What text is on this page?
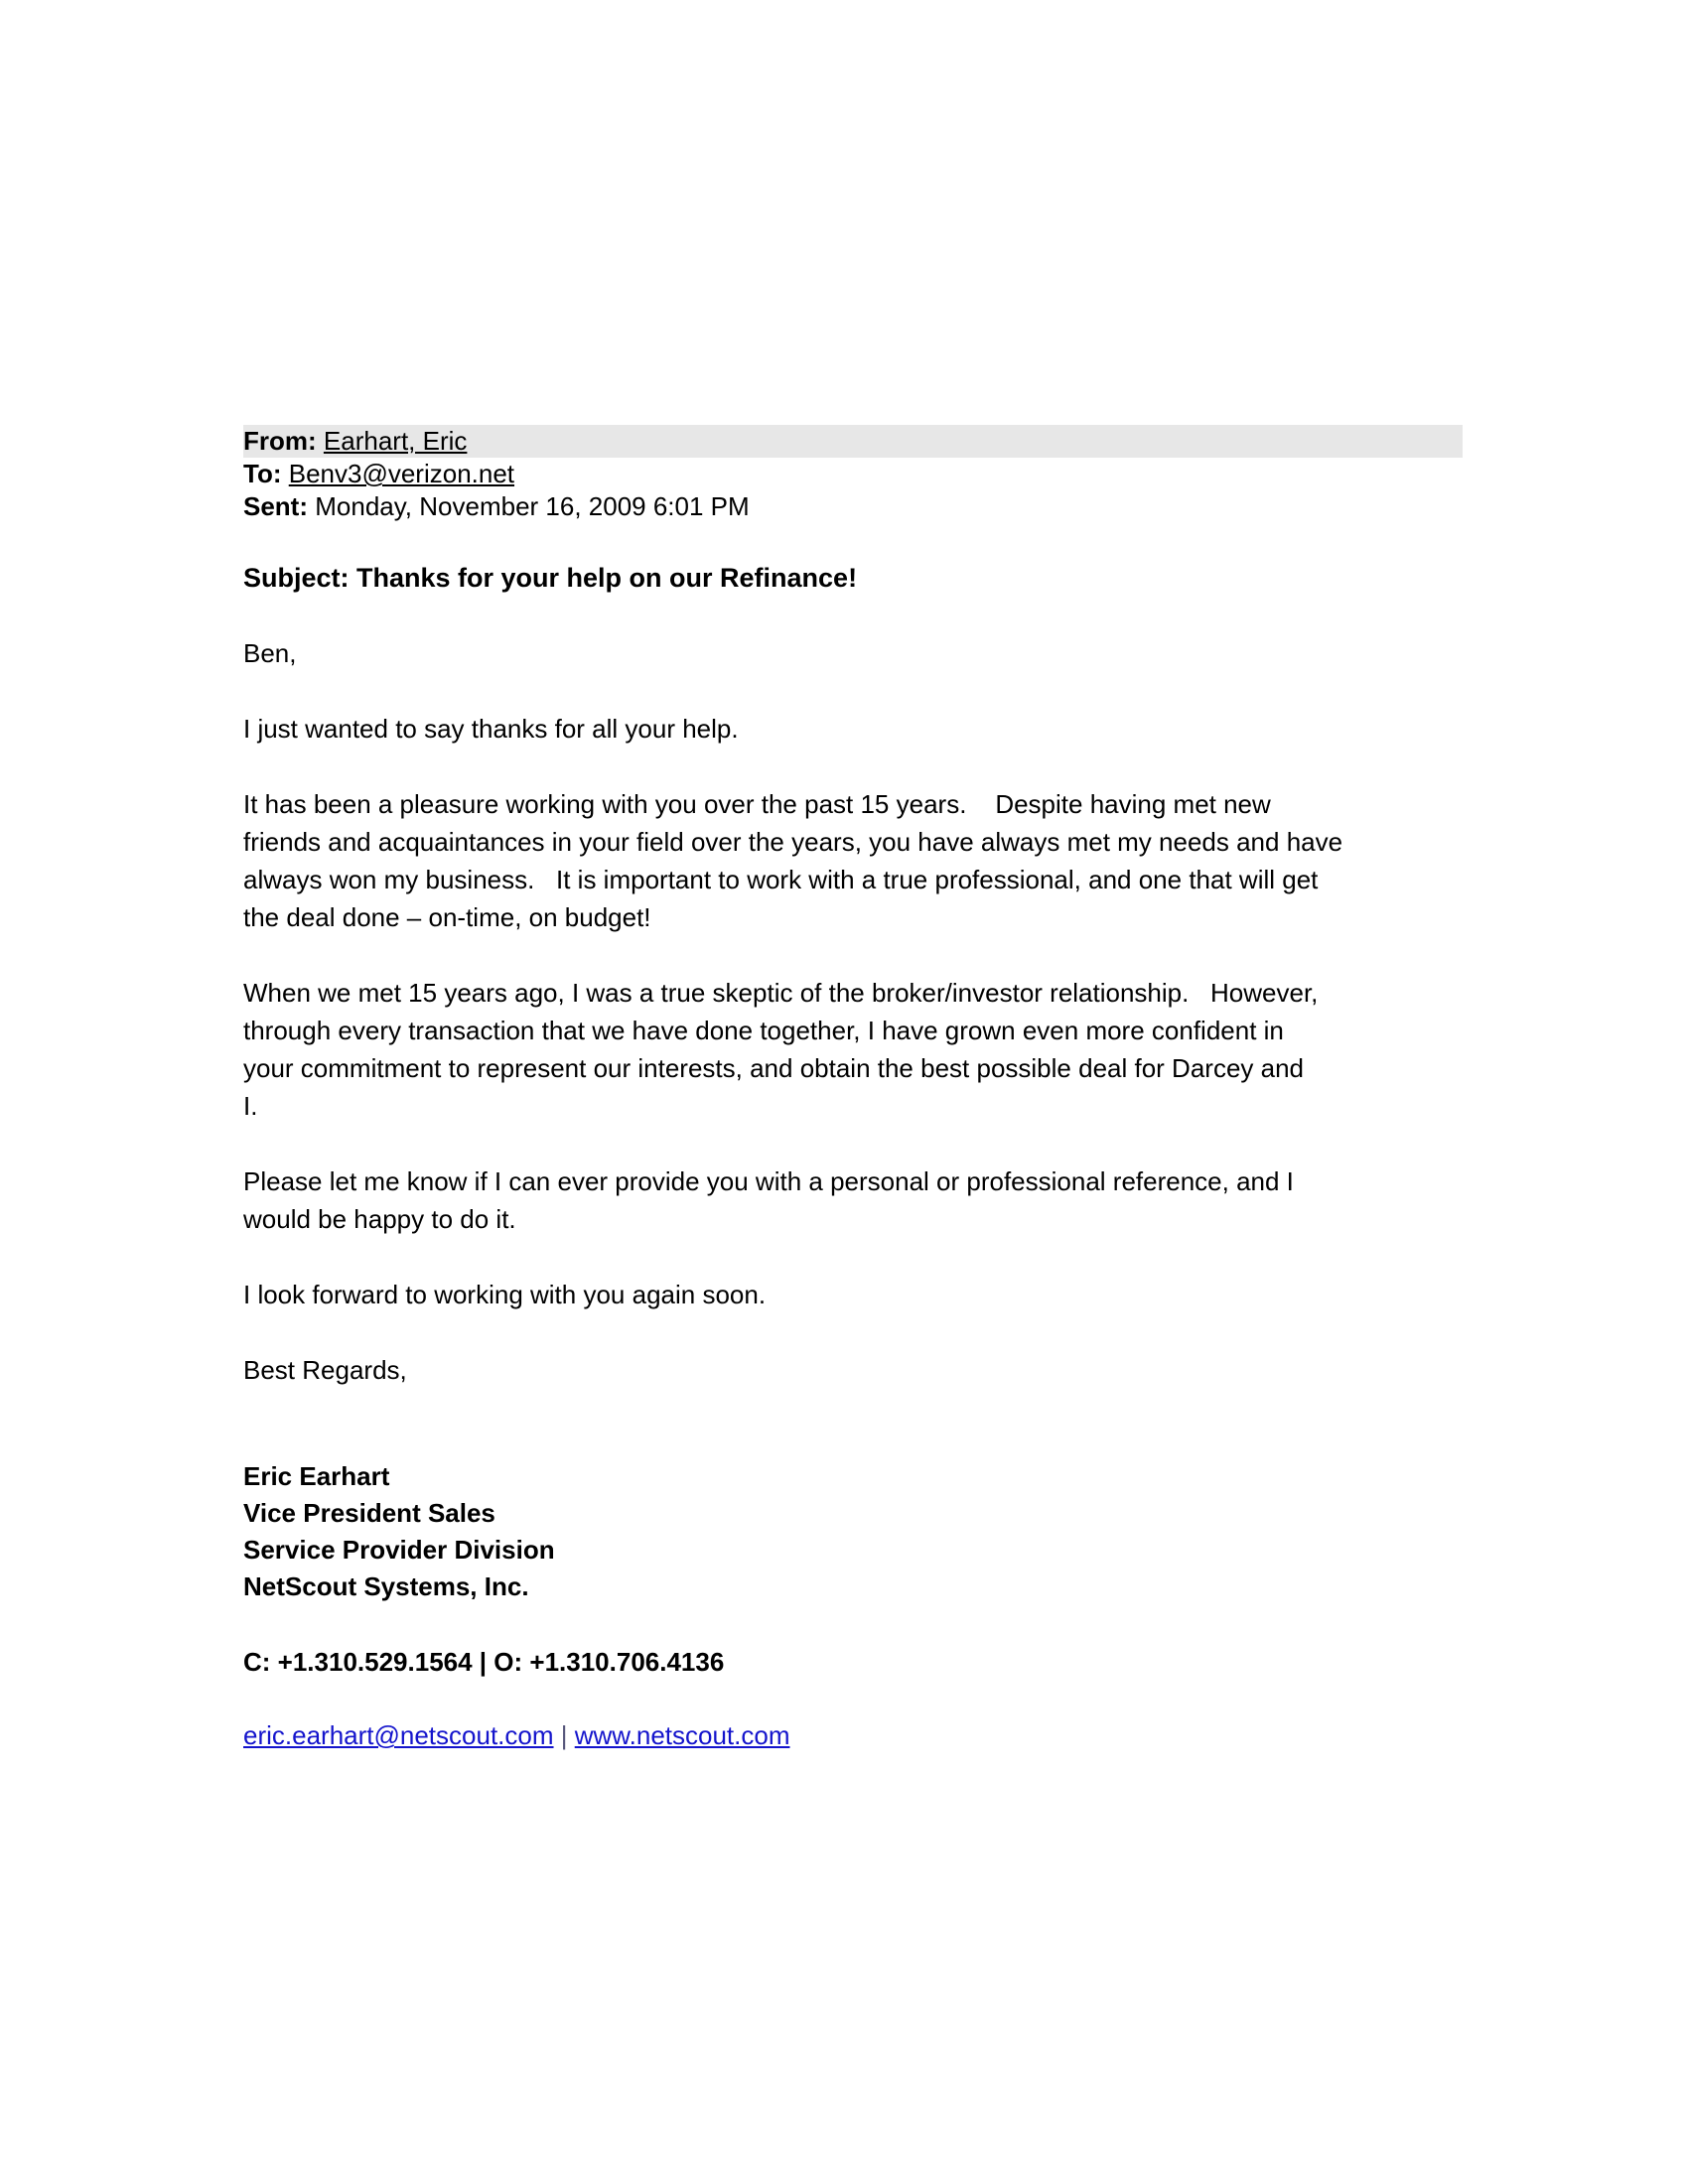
From: Earhart, Eric
To: Benv3@verizon.net
Sent: Monday, November 16, 2009 6:01 PM
Subject: Thanks for your help on our Refinance!
Ben,
I just wanted to say thanks for all your help.
It has been a pleasure working with you over the past 15 years.    Despite having met new
friends and acquaintances in your field over the years, you have always met my needs and have
always won my business.   It is important to work with a true professional, and one that will get
the deal done – on-time, on budget!
When we met 15 years ago, I was a true skeptic of the broker/investor relationship.   However,
through every transaction that we have done together, I have grown even more confident in
your commitment to represent our interests, and obtain the best possible deal for Darcey and
I.
Please let me know if I can ever provide you with a personal or professional reference, and I
would be happy to do it.
I look forward to working with you again soon.
Best Regards,
Eric Earhart
Vice President Sales
Service Provider Division
NetScout Systems, Inc.
C: +1.310.529.1564 | O: +1.310.706.4136
eric.earhart@netscout.com | www.netscout.com
